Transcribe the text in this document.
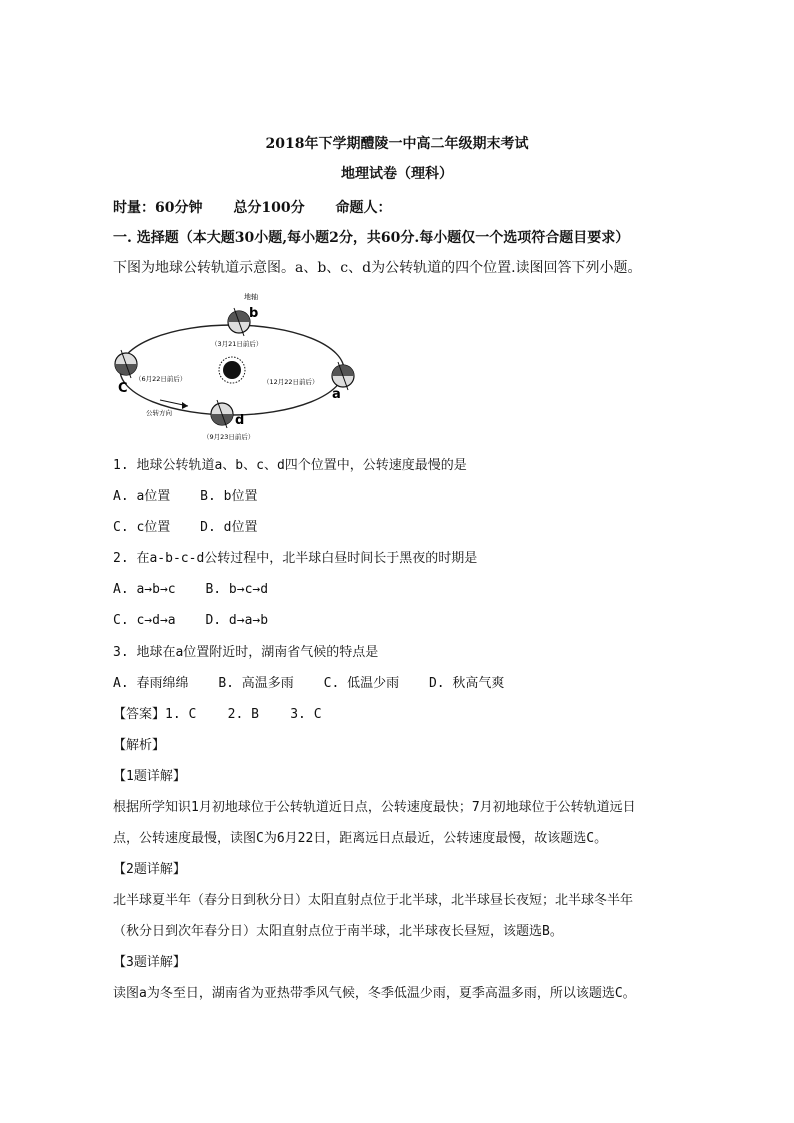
2018年下学期醴陵一中高二年级期末考试
地理试卷（理科）
时量：60分钟 总分100分 命题人：
一. 选择题（本大题30小题,每小题2分，共60分.每小题仅一个选项符合题目要求）
下图为地球公转轨道示意图。a、b、c、d为公转轨道的四个位置.读图回答下列小题。
地轴
b
（3月21日前后）
C
（6月22日前后）
a
（12月22日前后）
d
（9月23日前后）
公转方向
1. 地球公转轨道a、b、c、d四个位置中，公转速度最慢的是
A. a位置 B. b位置
C. c位置 D. d位置
2. 在a-b-c-d公转过程中，北半球白昼时间长于黑夜的时期是
A. a→b→c B. b→c→d
C. c→d→a D. d→a→b
3. 地球在a位置附近时，湖南省气候的特点是
A. 春雨绵绵 B. 高温多雨 C. 低温少雨 D. 秋高气爽
【答案】1. C    2. B    3. C
【解析】
【1题详解】
根据所学知识1月初地球位于公转轨道近日点，公转速度最快；7月初地球位于公转轨道远日
点，公转速度最慢，读图C为6月22日，距离远日点最近，公转速度最慢，故该题选C。
【2题详解】
北半球夏半年（春分日到秋分日）太阳直射点位于北半球，北半球昼长夜短；北半球冬半年
（秋分日到次年春分日）太阳直射点位于南半球，北半球夜长昼短，该题选B。
【3题详解】
读图a为冬至日，湖南省为亚热带季风气候，冬季低温少雨，夏季高温多雨，所以该题选C。
